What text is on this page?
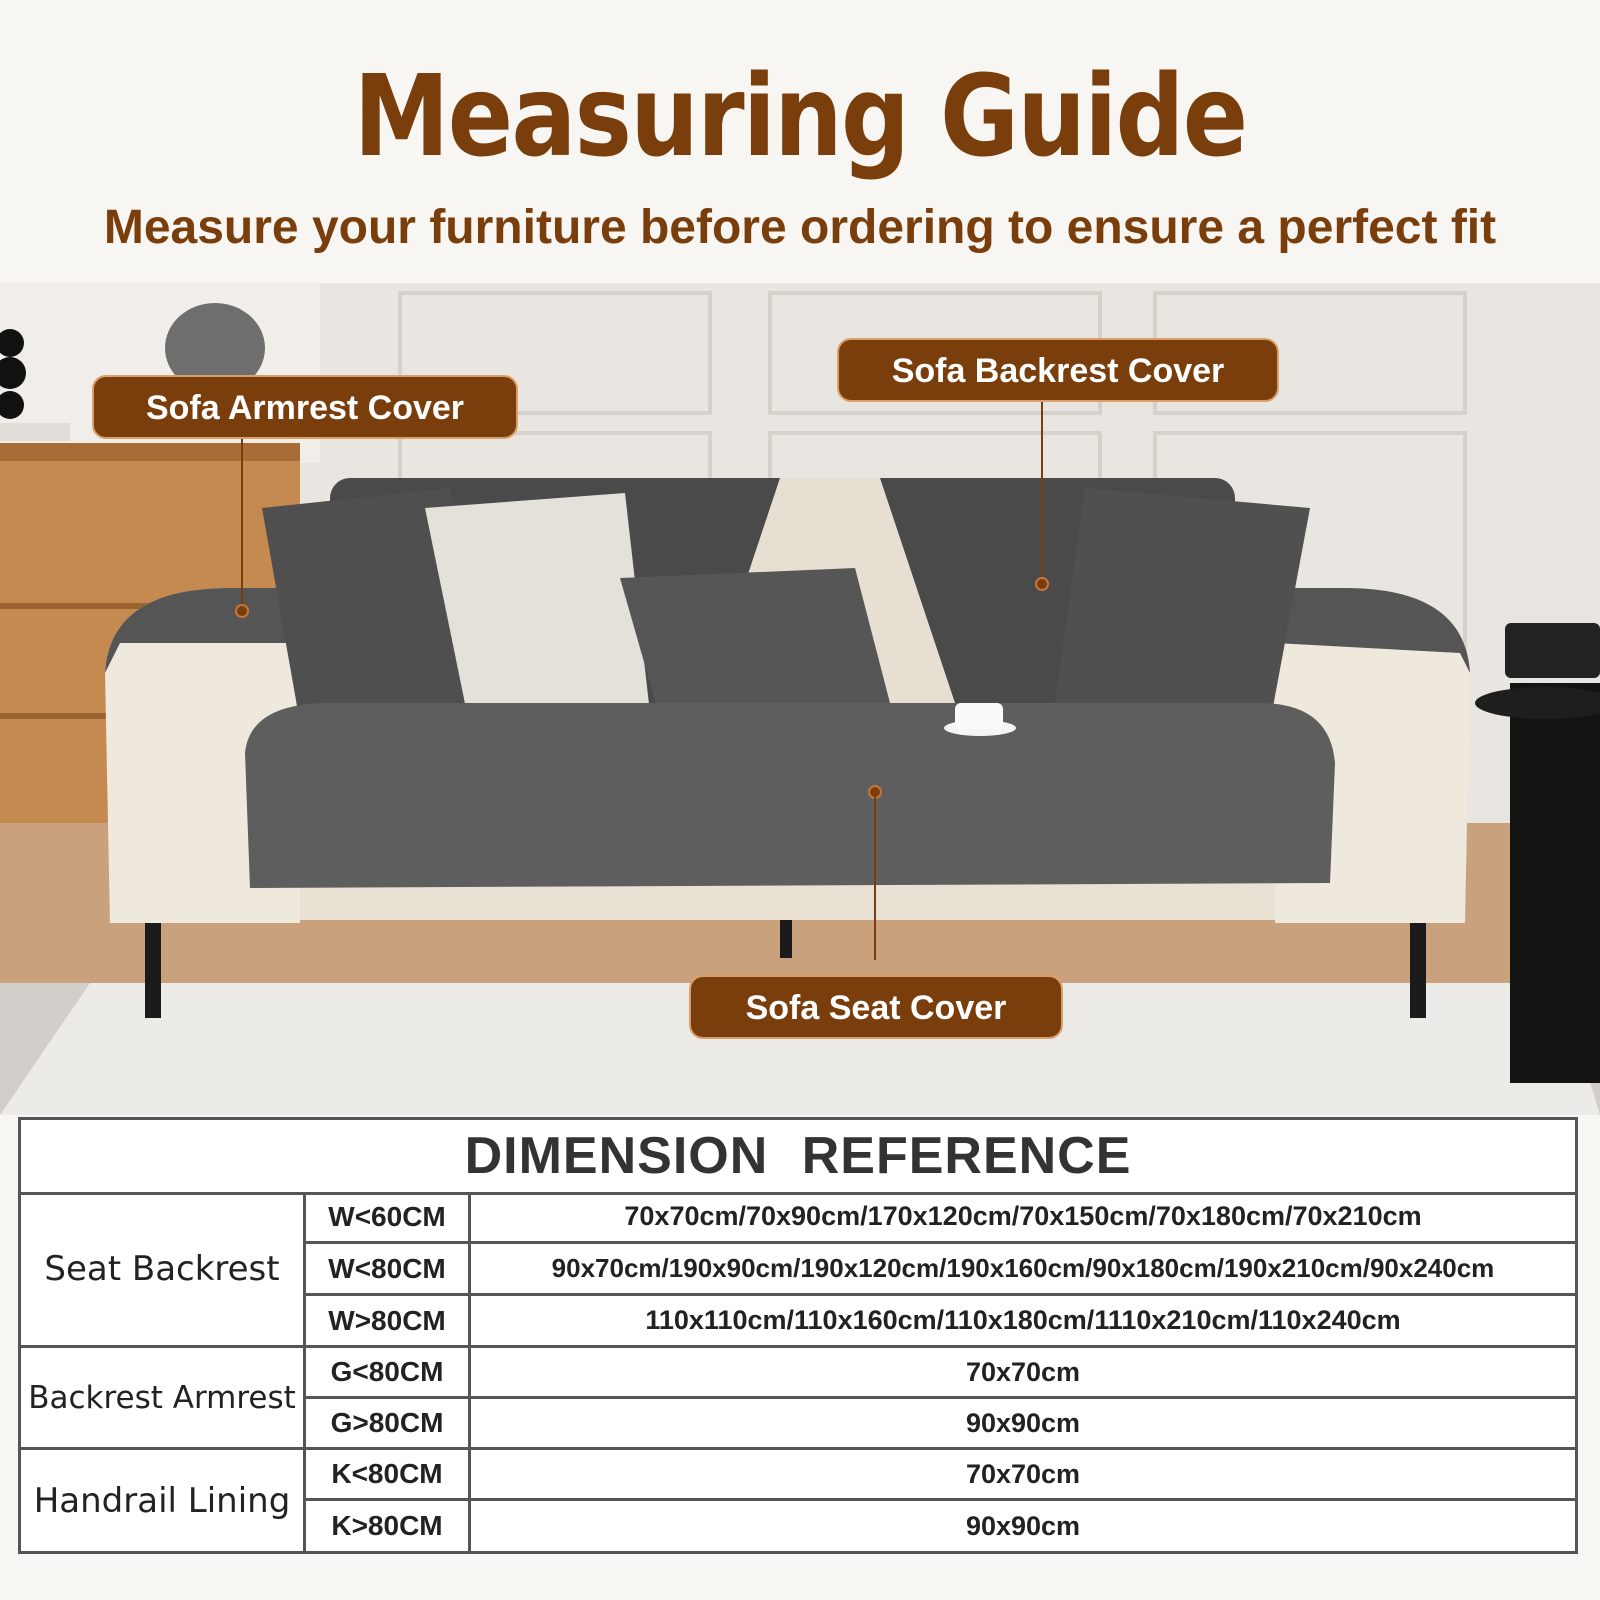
Measuring Guide
Measure your furniture before ordering to ensure a perfect fit
Sofa Armrest Cover
Sofa Backrest Cover
Sofa Seat Cover
DIMENSION REFERENCE
Seat Backrest
W<60CM	70x70cm/70x90cm/170x120cm/70x150cm/70x180cm/70x210cm
W<80CM	90x70cm/190x90cm/190x120cm/190x160cm/90x180cm/190x210cm/90x240cm
W>80CM	110x110cm/110x160cm/110x180cm/1110x210cm/110x240cm
Backrest Armrest
G<80CM	70x70cm
G>80CM	90x90cm
Handrail Lining
K<80CM	70x70cm
K>80CM	90x90cm
